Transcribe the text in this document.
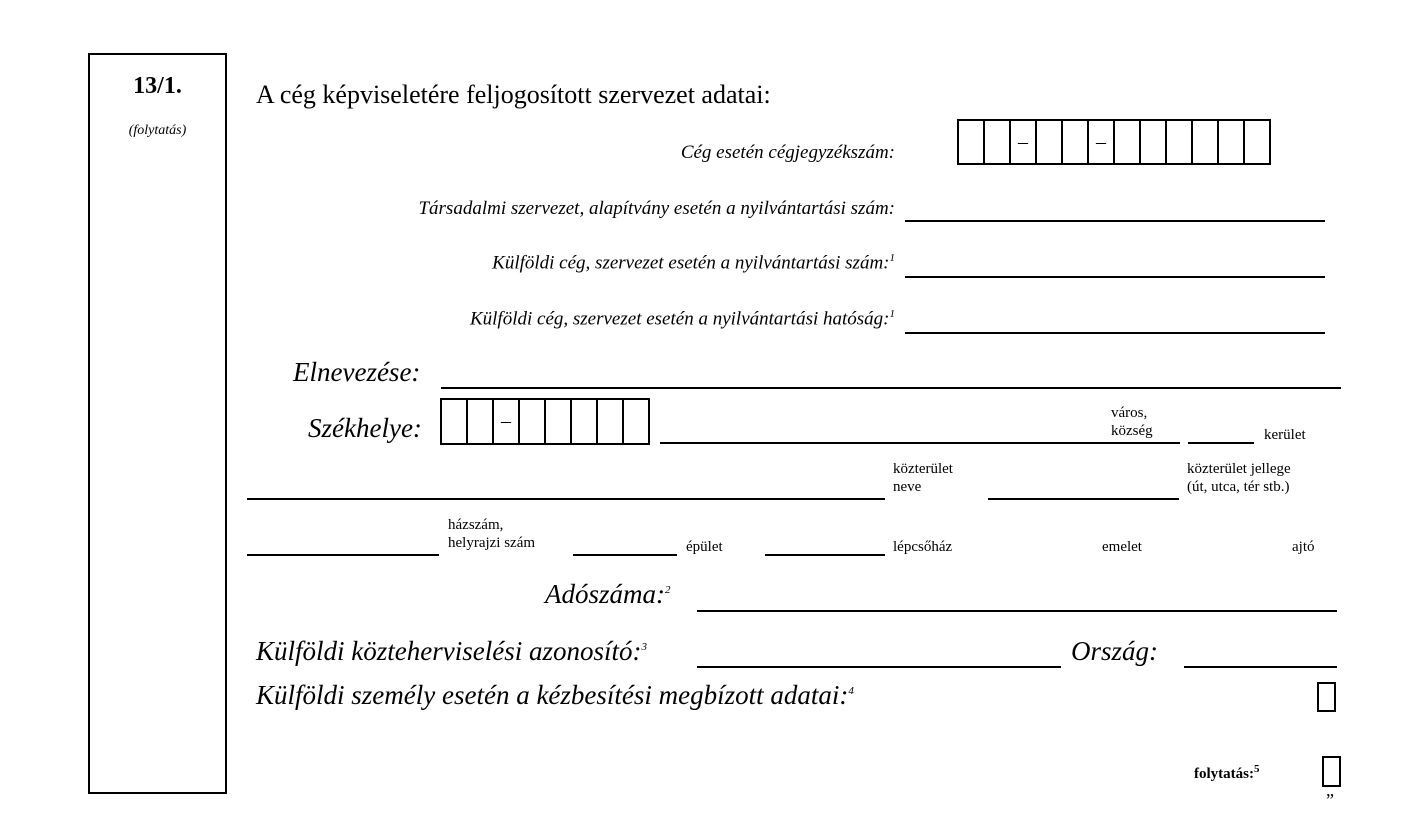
13/1.
(folytatás)
A cég képviseletére feljogosított szervezet adatai:
Cég esetén cégjegyzékszám:	–	–
Társadalmi szervezet, alapítvány esetén a nyilvántartási szám:
Külföldi cég, szervezet esetén a nyilvántartási szám:$^1$
Külföldi cég, szervezet esetén a nyilvántartási hatóság:$^1$
Elnevezése:
Székhelye:	–	város,
község	kerület
közterület
neve
közterület jellege
(út, utca, tér stb.)
házszám,
helyrajzi szám	épület	lépcsőház	emelet	ajtó
Adószáma:$^2$
Külföldi közteherviselési azonosító:$^3$	Ország:
Külföldi személy esetén a kézbesítési megbízott adatai:$^4$
folytatás:$^5$
”
